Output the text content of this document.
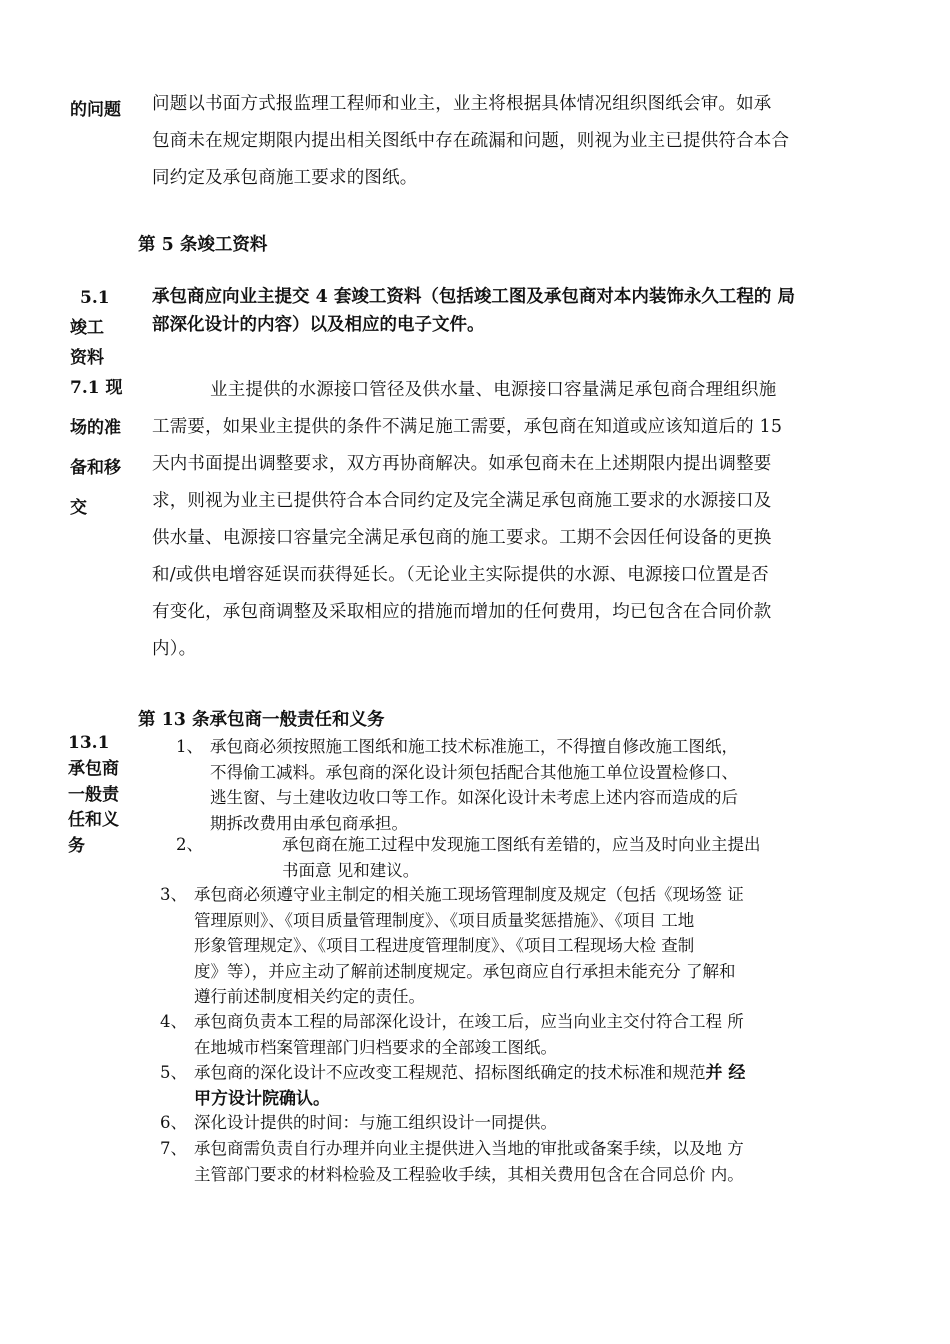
的问题 问题以书面方式报监理工程师和业主，业主将根据具体情况组织图纸会审。如承
包商未在规定期限内提出相关图纸中存在疏漏和问题，则视为业主已提供符合本合
同约定及承包商施工要求的图纸。
第 5 条竣工资料
5.1
竣工
资料
承包商应向业主提交 4 套竣工资料（包括竣工图及承包商对本内装饰永久工程的 局
部深化设计的内容）以及相应的电子文件。
7.1 现
场的准
备和移
交
业主提供的水源接口管径及供水量、电源接口容量满足承包商合理组织施
工需要，如果业主提供的条件不满足施工需要，承包商在知道或应该知道后的 15
天内书面提出调整要求，双方再协商解决。如承包商未在上述期限内提出调整要
求，则视为业主已提供符合本合同约定及完全满足承包商施工要求的水源接口及
供水量、电源接口容量完全满足承包商的施工要求。工期不会因任何设备的更换
和/或供电增容延误而获得延长。（无论业主实际提供的水源、电源接口位置是否
有变化，承包商调整及采取相应的措施而增加的任何费用，均已包含在合同价款
内）。
第 13 条承包商一般责任和义务
13.1
承包商
一般责
任和义
务
1、 承包商必须按照施工图纸和施工技术标准施工，不得擅自修改施工图纸，
不得偷工减料。承包商的深化设计须包括配合其他施工单位设置检修口、
逃生窗、与土建收边收口等工作。如深化设计未考虑上述内容而造成的后
期拆改费用由承包商承担。
2、	承包商在施工过程中发现施工图纸有差错的，应当及时向业主提出
书面意 见和建议。
3、 承包商必须遵守业主制定的相关施工现场管理制度及规定（包括《现场签 证
管理原则》、《项目质量管理制度》、《项目质量奖惩措施》、《项目 工地
形象管理规定》、《项目工程进度管理制度》、《项目工程现场大检 查制
度》等），并应主动了解前述制度规定。承包商应自行承担未能充分 了解和
遵行前述制度相关约定的责任。
4、 承包商负责本工程的局部深化设计，在竣工后，应当向业主交付符合工程 所
在地城市档案管理部门归档要求的全部竣工图纸。
5、 承包商的深化设计不应改变工程规范、招标图纸确定的技术标准和规范并 经
甲方设计院确认。
6、 深化设计提供的时间：与施工组织设计一同提供。
7、 承包商需负责自行办理并向业主提供进入当地的审批或备案手续，以及地 方
主管部门要求的材料检验及工程验收手续，其相关费用包含在合同总价 内。
